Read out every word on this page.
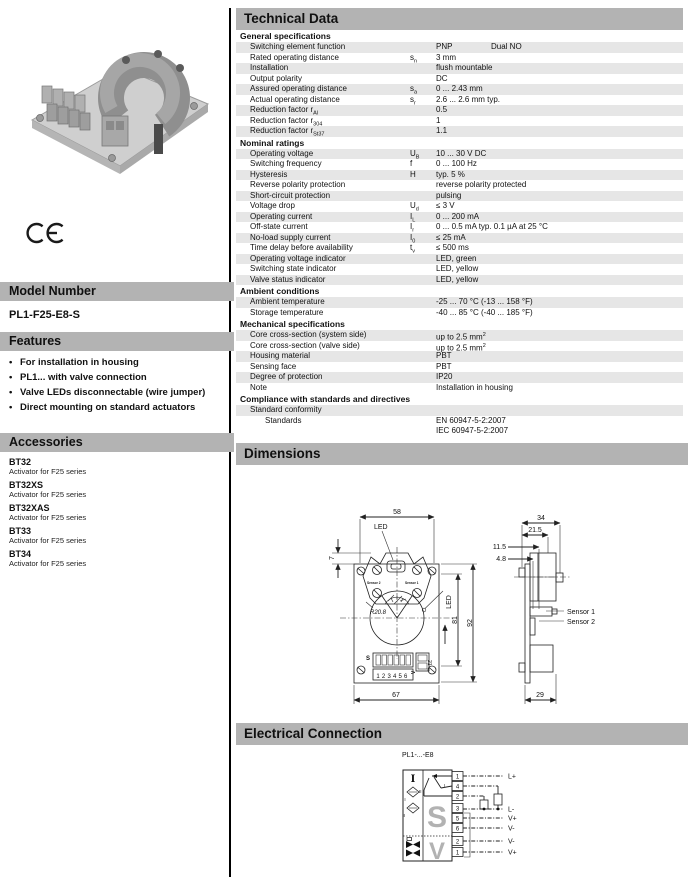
Model Number
PL1-F25-E8-S
Features
• For installation in housing
• PL1... with valve connection
• Valve LEDs disconnectable (wire jumper)
• Direct mounting on standard actuators
Accessories
BT32
Activator for F25 series
BT32XS
Activator for F25 series
BT32XAS
Activator for F25 series
BT33
Activator for F25 series
BT34
Activator for F25 series
Technical Data
General specifications
Switching element function	PNP	Dual NO
Rated operating distance	$s_n$	3 mm
Installation	flush mountable
Output polarity	DC
Assured operating distance	$s_a$	0 ... 2.43 mm
Actual operating distance	$s_r$	2.6 ... 2.6 mm typ.
Reduction factor $r_{Al}$	0.5
Reduction factor $r_{304}$	1
Reduction factor $r_{St37}$	1.1
Nominal ratings
Operating voltage	$U_B$	10 ... 30 V DC
Switching frequency	f	0 ... 100 Hz
Hysteresis	H	typ. 5 %
Reverse polarity protection	reverse polarity protected
Short-circuit protection	pulsing
Voltage drop	$U_d$	≤ 3 V
Operating current	$I_L$	0 ... 200 mA
Off-state current	$I_r$	0 ... 0.5 mA typ. 0.1 µA at 25 °C
No-load supply current	$I_0$	≤ 25 mA
Time delay before availability	$t_v$	≤ 500 ms
Operating voltage indicator	LED, green
Switching state indicator	LED, yellow
Valve status indicator	LED, yellow
Ambient conditions
Ambient temperature	-25 ... 70 °C (-13 ... 158 °F)
Storage temperature	-40 ... 85 °C (-40 ... 185 °F)
Mechanical specifications
Core cross-section (system side)	up to 2.5 $mm^2$
Core cross-section (valve side)	up to 2.5 $mm^2$
Housing material	PBT
Sensing face	PBT
Degree of protection	IP20
Note	Installation in housing
Compliance with standards and directives
Standard conformity
Standards	EN 60947-5-2:2007
IEC 60947-5-2:2007
Dimensions
58
7
LED
R20.8
LED
81 92
67
S
123456
V
21
Sensor 2	Sensor 1
34
21.5
11.5
4.8
29
Sensor 1
Sensor 2
Electrical Connection
PL1-...-E8
S
V
I
I
II
I
II
1
4
2
3
5
6
2
1
L+
L-
V+
V-
V-
V+
